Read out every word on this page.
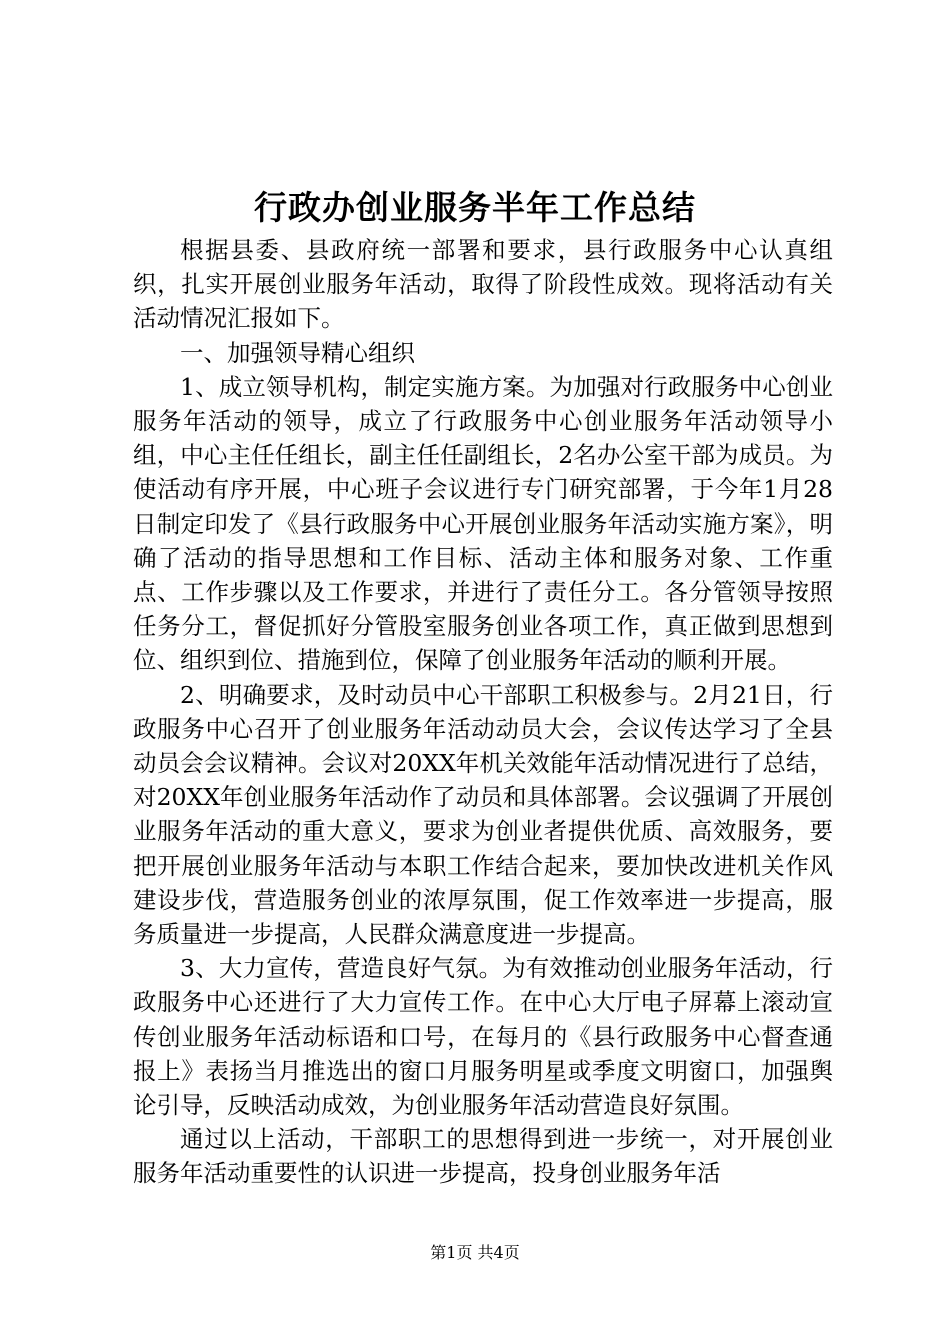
行政办创业服务半年工作总结

根据县委、县政府统一部署和要求，县行政服务中心认真组织，扎实开展创业服务年活动，取得了阶段性成效。现将活动有关活动情况汇报如下。

一、加强领导精心组织

1、成立领导机构，制定实施方案。为加强对行政服务中心创业服务年活动的领导，成立了行政服务中心创业服务年活动领导小组，中心主任任组长，副主任任副组长，2名办公室干部为成员。为使活动有序开展，中心班子会议进行专门研究部署，于今年1月28日制定印发了《县行政服务中心开展创业服务年活动实施方案》，明确了活动的指导思想和工作目标、活动主体和服务对象、工作重点、工作步骤以及工作要求，并进行了责任分工。各分管领导按照任务分工，督促抓好分管股室服务创业各项工作，真正做到思想到位、组织到位、措施到位，保障了创业服务年活动的顺利开展。

2、明确要求，及时动员中心干部职工积极参与。2月21日，行政服务中心召开了创业服务年活动动员大会，会议传达学习了全县动员会会议精神。会议对20XX年机关效能年活动情况进行了总结，对20XX年创业服务年活动作了动员和具体部署。会议强调了开展创业服务年活动的重大意义，要求为创业者提供优质、高效服务，要把开展创业服务年活动与本职工作结合起来，要加快改进机关作风建设步伐，营造服务创业的浓厚氛围，促工作效率进一步提高，服务质量进一步提高，人民群众满意度进一步提高。

3、大力宣传，营造良好气氛。为有效推动创业服务年活动，行政服务中心还进行了大力宣传工作。在中心大厅电子屏幕上滚动宣传创业服务年活动标语和口号，在每月的《县行政服务中心督查通报上》表扬当月推选出的窗口月服务明星或季度文明窗口，加强舆论引导，反映活动成效，为创业服务年活动营造良好氛围。

通过以上活动，干部职工的思想得到进一步统一，对开展创业服务年活动重要性的认识进一步提高，投身创业服务年活

第1页 共4页
